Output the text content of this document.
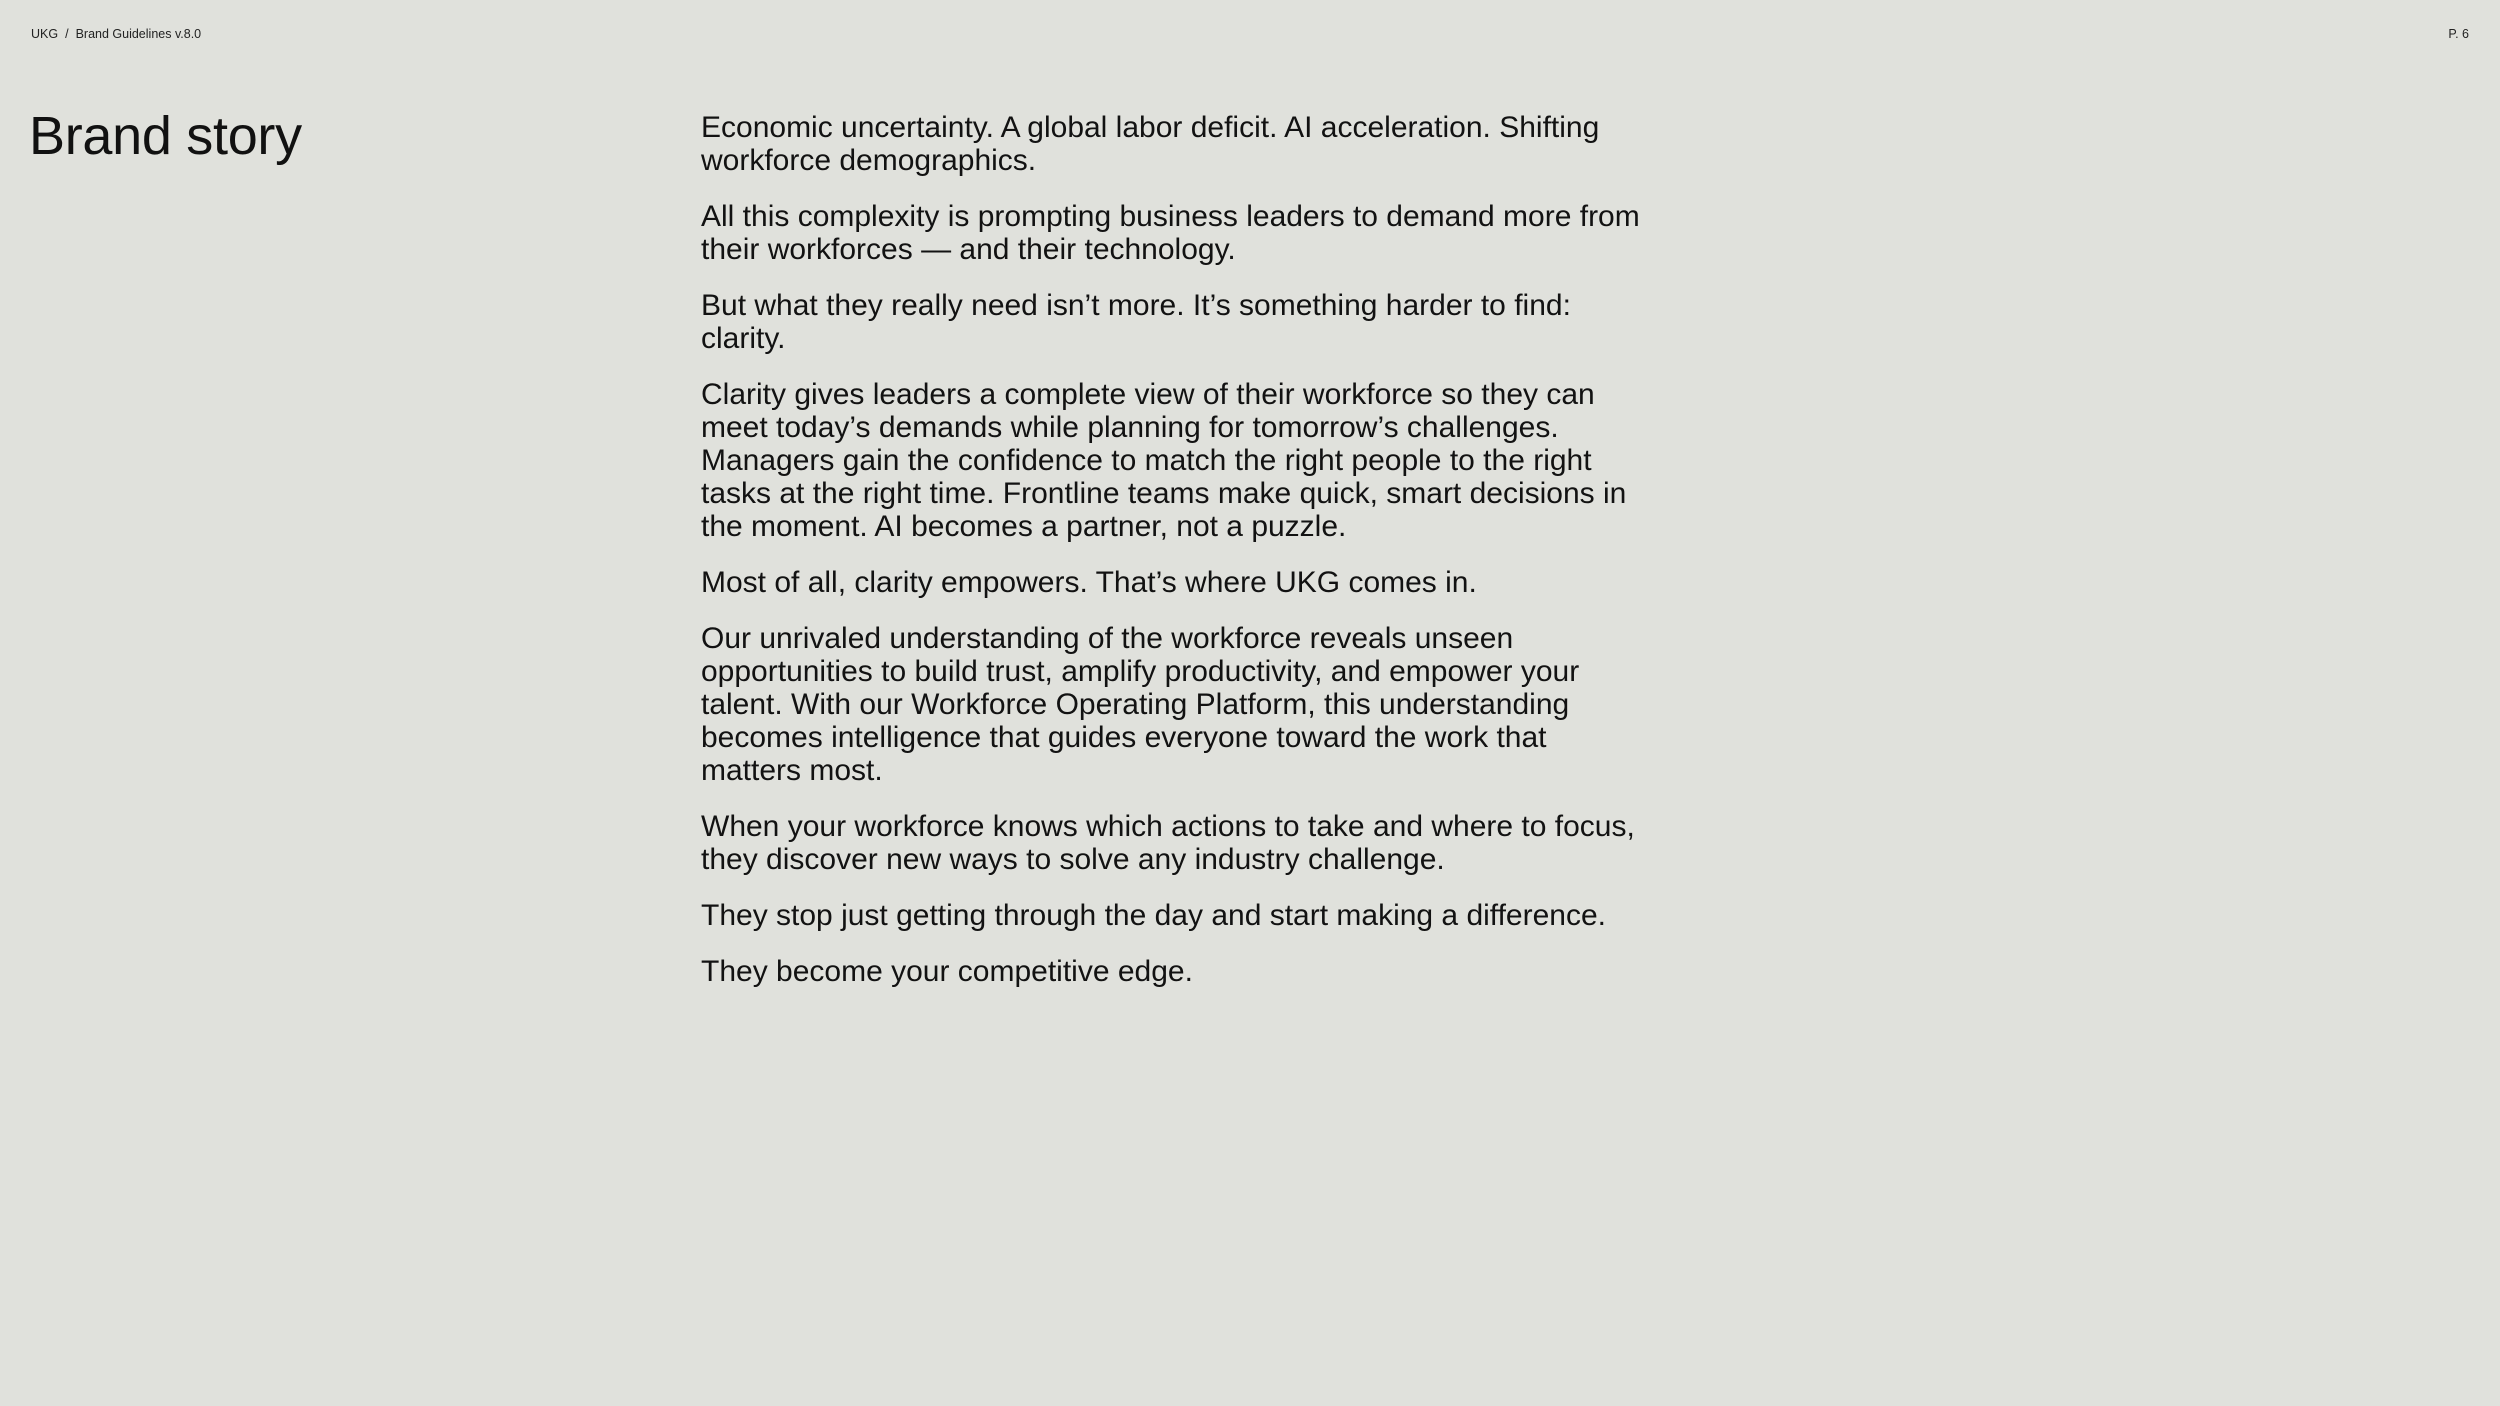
UKG / Brand Guidelines v.8.0	P. 6
Brand story	Economic uncertainty. A global labor deficit. AI acceleration. Shifting workforce demographics.

All this complexity is prompting business leaders to demand more from their workforces — and their technology.

But what they really need isn’t more. It’s something harder to find: clarity.

Clarity gives leaders a complete view of their workforce so they can meet today’s demands while planning for tomorrow’s challenges. Managers gain the confidence to match the right people to the right tasks at the right time. Frontline teams make quick, smart decisions in the moment. AI becomes a partner, not a puzzle.

Most of all, clarity empowers. That’s where UKG comes in.

Our unrivaled understanding of the workforce reveals unseen opportunities to build trust, amplify productivity, and empower your talent. With our Workforce Operating Platform, this understanding becomes intelligence that guides everyone toward the work that matters most.

When your workforce knows which actions to take and where to focus, they discover new ways to solve any industry challenge.

They stop just getting through the day and start making a difference.

They become your competitive edge.
